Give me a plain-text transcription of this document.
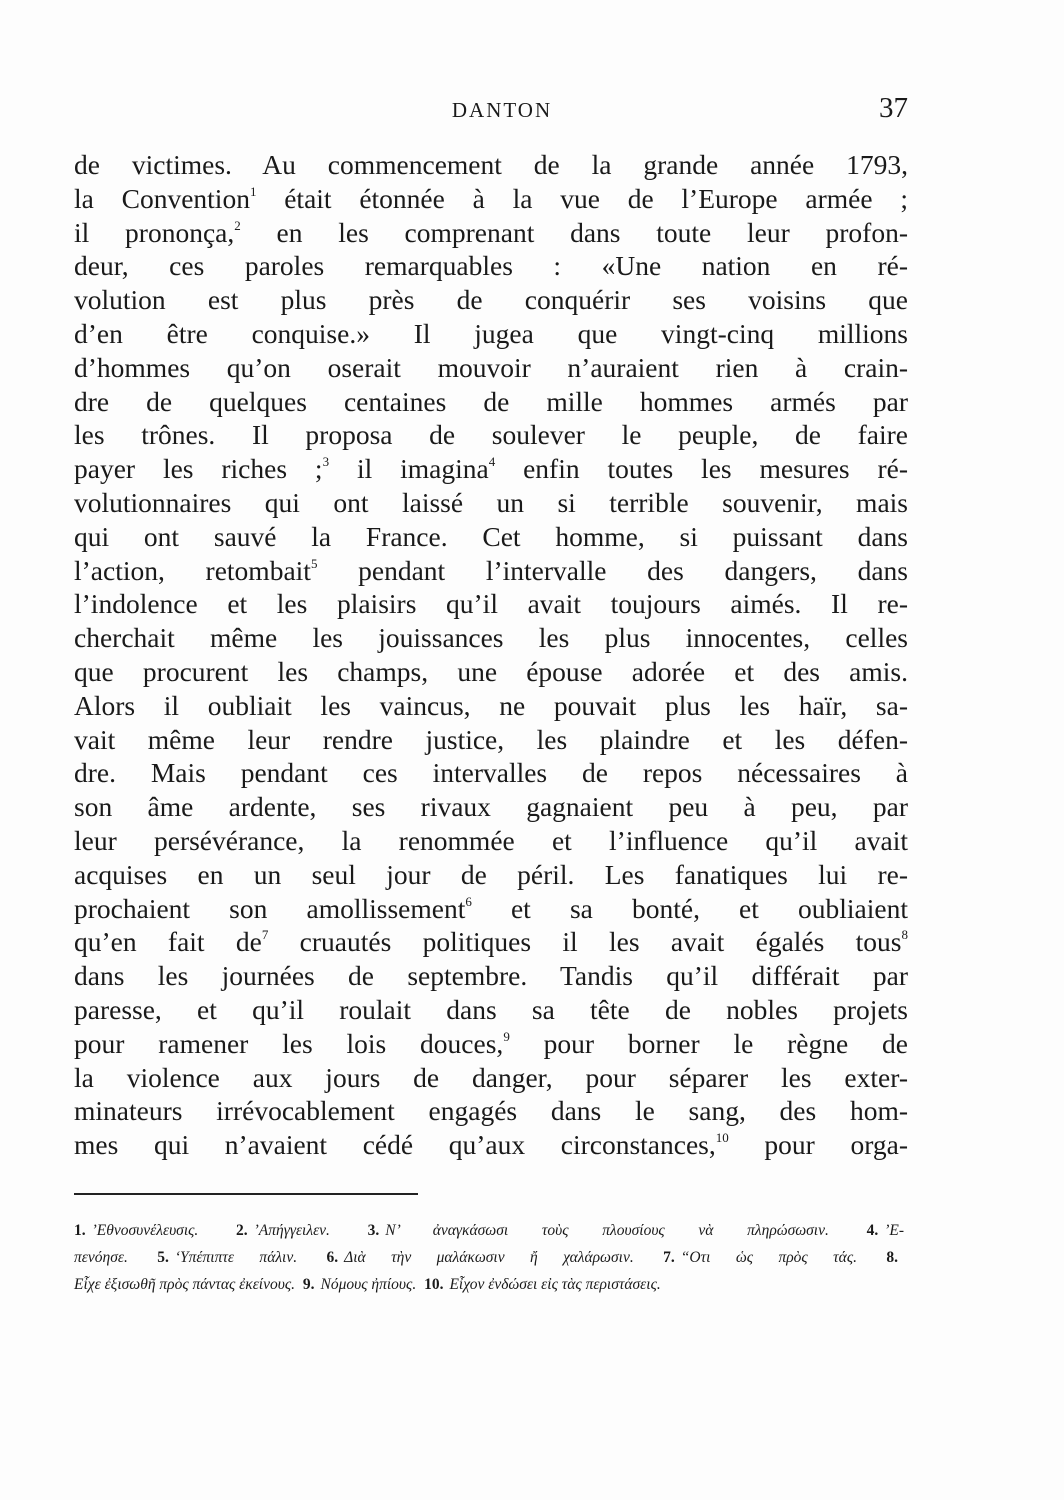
DANTON	37
de victimes. Au commencement de la grande année 1793,
la Convention$^1$ était étonnée à la vue de l’Europe armée ;
il prononça,$^2$ en les comprenant dans toute leur profon-
deur, ces paroles remarquables : «Une nation en ré-
volution est plus près de conquérir ses voisins que
d’en être conquise.» Il jugea que vingt-cinq millions
d’hommes qu’on oserait mouvoir n’auraient rien à crain-
dre de quelques centaines de mille hommes armés par
les trônes. Il proposa de soulever le peuple, de faire
payer les riches ;$^3$ il imagina$^4$ enfin toutes les mesures ré-
volutionnaires qui ont laissé un si terrible souvenir, mais
qui ont sauvé la France. Cet homme, si puissant dans
l’action, retombait$^5$ pendant l’intervalle des dangers, dans
l’indolence et les plaisirs qu’il avait toujours aimés. Il re-
cherchait même les jouissances les plus innocentes, celles
que procurent les champs, une épouse adorée et des amis.
Alors il oubliait les vaincus, ne pouvait plus les haïr, sa-
vait même leur rendre justice, les plaindre et les défen-
dre. Mais pendant ces intervalles de repos nécessaires à
son âme ardente, ses rivaux gagnaient peu à peu, par
leur persévérance, la renommée et l’influence qu’il avait
acquises en un seul jour de péril. Les fanatiques lui re-
prochaient son amollissement$^6$ et sa bonté, et oubliaient
qu’en fait de$^7$ cruautés politiques il les avait égalés tous$^8$
dans les journées de septembre. Tandis qu’il différait par
paresse, et qu’il roulait dans sa tête de nobles projets
pour ramener les lois douces,$^9$ pour borner le règne de
la violence aux jours de danger, pour séparer les exter-
minateurs irrévocablement engagés dans le sang, des hom-
mes qui n’avaient cédé qu’aux circonstances,$^{10}$ pour orga-
1. ’Εθνοσυνέλευσις. 2. ’Απήγγειλεν. 3. Ν’ ἀναγκάσωσι τοὺς πλουσίους νὰ πληρώσωσιν. 4. ’Ε-
πενόησε. 5. ‘Υπέπιπτε πάλιν. 6. Διὰ τὴν μαλάκωσιν ἤ χαλάρωσιν. 7. “Οτι ὡς πρὸς τάς. 8.
Εἶχε ἐξισωθῆ πρὸς πάντας ἐκείνους. 9. Νόμους ἠπίους. 10. Εἶχον ἐνδώσει εἰς τὰς περιστάσεις.
